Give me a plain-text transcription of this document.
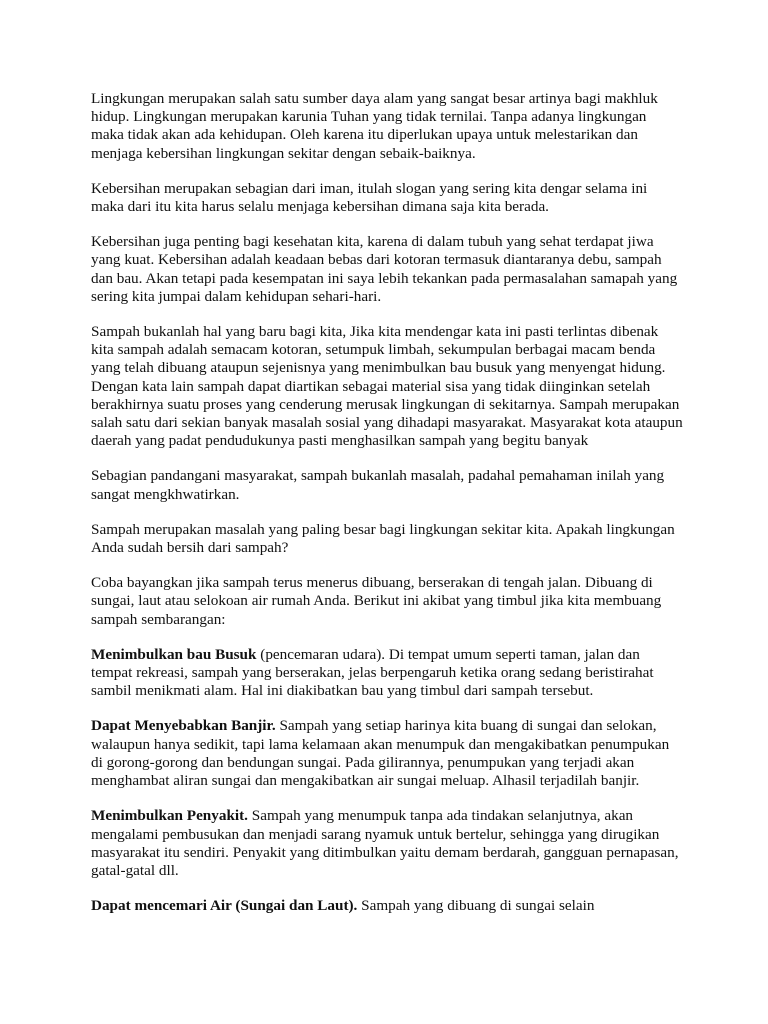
Lingkungan merupakan salah satu sumber daya alam yang sangat besar artinya bagi makhluk
hidup. Lingkungan merupakan karunia Tuhan yang tidak ternilai. Tanpa adanya lingkungan
maka tidak akan ada kehidupan. Oleh karena itu diperlukan upaya untuk melestarikan dan
menjaga kebersihan lingkungan sekitar dengan sebaik-baiknya.

Kebersihan merupakan sebagian dari iman, itulah slogan yang sering kita dengar selama ini
maka dari itu kita harus selalu menjaga kebersihan dimana saja kita berada.

Kebersihan juga penting bagi kesehatan kita, karena di dalam tubuh yang sehat terdapat jiwa
yang kuat. Kebersihan adalah keadaan bebas dari kotoran termasuk diantaranya debu, sampah
dan bau. Akan tetapi pada kesempatan ini saya lebih tekankan pada permasalahan samapah yang
sering kita jumpai dalam kehidupan sehari-hari.

Sampah bukanlah hal yang baru bagi kita, Jika kita mendengar kata ini pasti terlintas dibenak
kita sampah adalah semacam kotoran, setumpuk limbah, sekumpulan berbagai macam benda
yang telah dibuang ataupun sejenisnya yang menimbulkan bau busuk yang menyengat hidung.
Dengan kata lain sampah dapat diartikan sebagai material sisa yang tidak diinginkan setelah
berakhirnya suatu proses yang cenderung merusak lingkungan di sekitarnya. Sampah merupakan
salah satu dari sekian banyak masalah sosial yang dihadapi masyarakat. Masyarakat kota ataupun
daerah yang padat pendudukunya pasti menghasilkan sampah yang begitu banyak

Sebagian pandangani masyarakat, sampah bukanlah masalah, padahal pemahaman inilah yang
sangat mengkhwatirkan.

Sampah merupakan masalah yang paling besar bagi lingkungan sekitar kita. Apakah lingkungan
Anda sudah bersih dari sampah?

Coba bayangkan jika sampah terus menerus dibuang, berserakan di tengah jalan. Dibuang di
sungai, laut atau selokoan air rumah Anda. Berikut ini akibat yang timbul jika kita membuang
sampah sembarangan:

Menimbulkan bau Busuk (pencemaran udara). Di tempat umum seperti taman, jalan dan
tempat rekreasi, sampah yang berserakan, jelas berpengaruh ketika orang sedang beristirahat
sambil menikmati alam. Hal ini diakibatkan bau yang timbul dari sampah tersebut.

Dapat Menyebabkan Banjir. Sampah yang setiap harinya kita buang di sungai dan selokan,
walaupun hanya sedikit, tapi lama kelamaan akan menumpuk dan mengakibatkan penumpukan
di gorong-gorong dan bendungan sungai. Pada gilirannya, penumpukan yang terjadi akan
menghambat aliran sungai dan mengakibatkan air sungai meluap. Alhasil terjadilah banjir.

Menimbulkan Penyakit. Sampah yang menumpuk tanpa ada tindakan selanjutnya, akan
mengalami pembusukan dan menjadi sarang nyamuk untuk bertelur, sehingga yang dirugikan
masyarakat itu sendiri. Penyakit yang ditimbulkan yaitu demam berdarah, gangguan pernapasan,
gatal-gatal dll.

Dapat mencemari Air (Sungai dan Laut). Sampah yang dibuang di sungai selain
